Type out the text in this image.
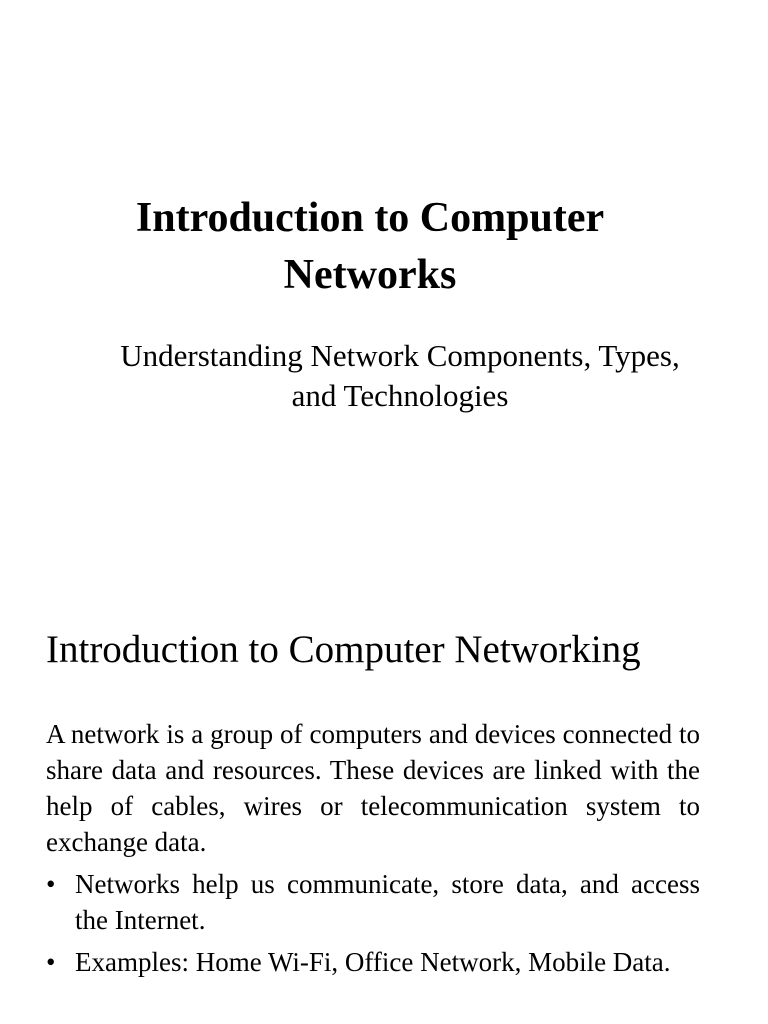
Introduction to Computer Networks

Understanding Network Components, Types, and Technologies

Introduction to Computer Networking

A network is a group of computers and devices connected to share data and resources. These devices are linked with the help of cables, wires or telecommunication system to exchange data.

• Networks help us communicate, store data, and access the Internet.
• Examples: Home Wi-Fi, Office Network, Mobile Data.
